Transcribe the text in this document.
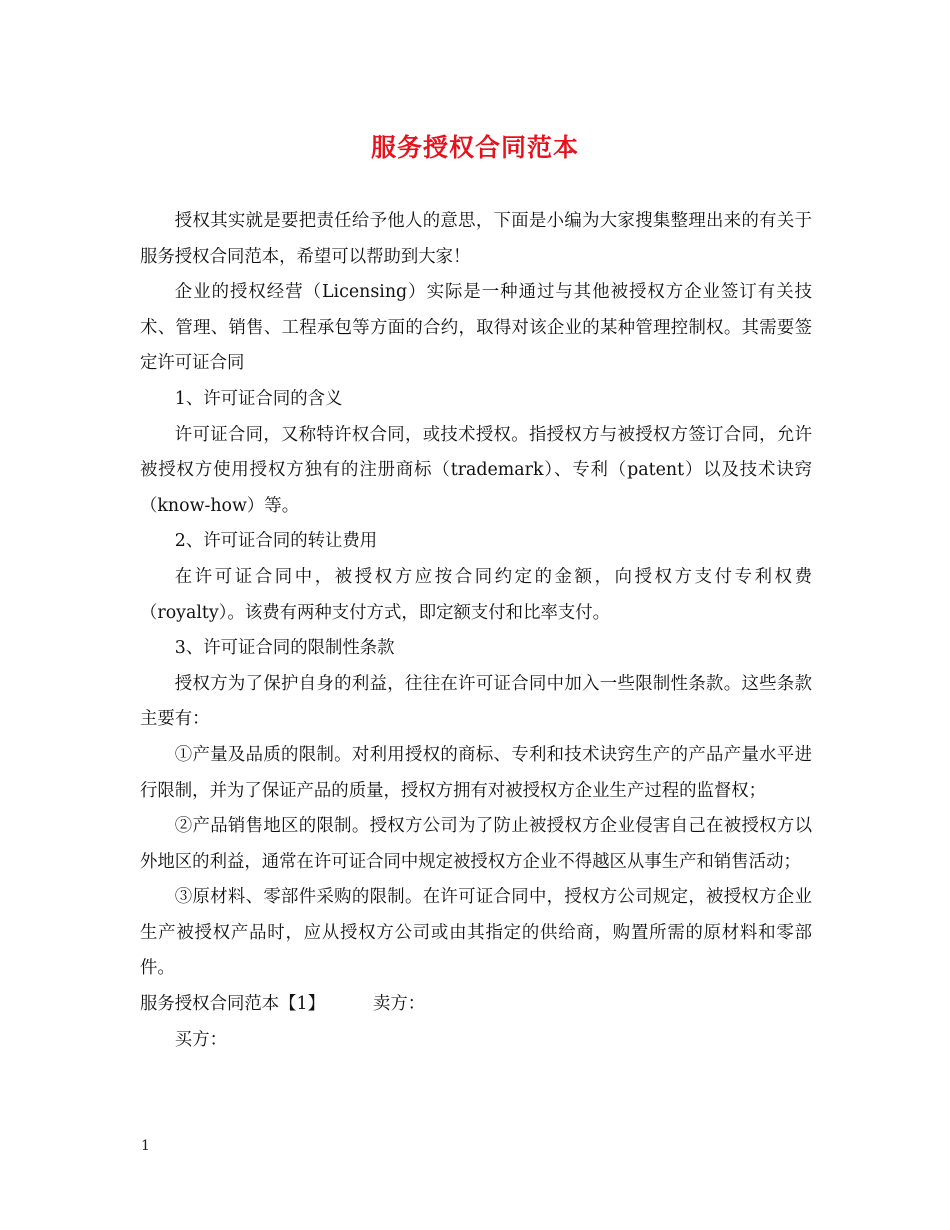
服务授权合同范本

授权其实就是要把责任给予他人的意思，下面是小编为大家搜集整理出来的有关于服务授权合同范本，希望可以帮助到大家！

企业的授权经营（Licensing）实际是一种通过与其他被授权方企业签订有关技术、管理、销售、工程承包等方面的合约，取得对该企业的某种管理控制权。其需要签定许可证合同

1、许可证合同的含义

许可证合同，又称特许权合同，或技术授权。指授权方与被授权方签订合同，允许被授权方使用授权方独有的注册商标（trademark）、专利（patent）以及技术诀窍（know-how）等。

2、许可证合同的转让费用

在许可证合同中，被授权方应按合同约定的金额，向授权方支付专利权费（royalty）。该费有两种支付方式，即定额支付和比率支付。

3、许可证合同的限制性条款

授权方为了保护自身的利益，往往在许可证合同中加入一些限制性条款。这些条款主要有：

①产量及品质的限制。对利用授权的商标、专利和技术诀窍生产的产品产量水平进行限制，并为了保证产品的质量，授权方拥有对被授权方企业生产过程的监督权；

②产品销售地区的限制。授权方公司为了防止被授权方企业侵害自己在被授权方以外地区的利益，通常在许可证合同中规定被授权方企业不得越区从事生产和销售活动；

③原材料、零部件采购的限制。在许可证合同中，授权方公司规定，被授权方企业生产被授权产品时，应从授权方公司或由其指定的供给商，购置所需的原材料和零部件。

服务授权合同范本【1】	卖方：

买方：

1
